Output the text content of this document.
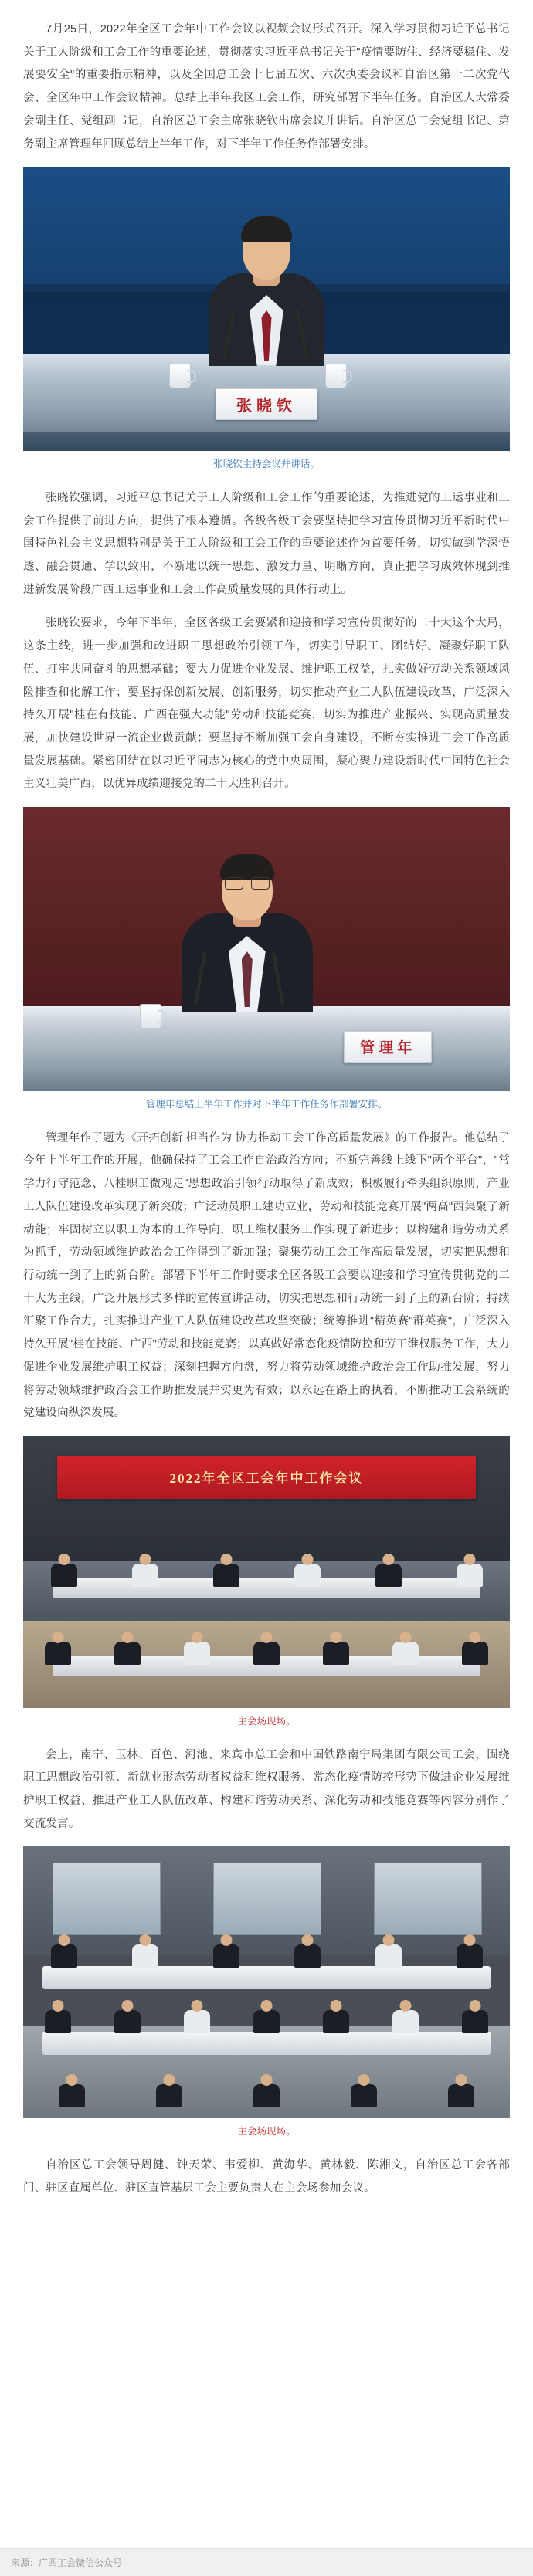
7月25日，2022年全区工会年中工作会议以视频会议形式召开。深入学习贯彻习近平总书记关于工人阶级和工会工作的重要论述，贯彻落实习近平总书记关于"疫情要防住、经济要稳住、发展要安全"的重要指示精神，以及全国总工会十七届五次、六次执委会议和自治区第十二次党代会、全区年中工作会议精神。总结上半年我区工会工作，研究部署下半年任务。自治区人大常委会副主任、党组副书记，自治区总工会主席张晓钦出席会议并讲话。自治区总工会党组书记、第务副主席管理年回顾总结上半年工作，对下半年工作任务作部署安排。

张晓钦
张晓钦主持会议并讲话。

张晓钦强调，习近平总书记关于工人阶级和工会工作的重要论述，为推进党的工运事业和工会工作提供了前进方向，提供了根本遵循。各级各级工会要坚持把学习宣传贯彻习近平新时代中国特色社会主义思想特别是关于工人阶级和工会工作的重要论述作为首要任务，切实做到学深悟透、融会贯通、学以致用，不断地以统一思想、激发力量、明晰方向，真正把学习成效体现到推进新发展阶段广西工运事业和工会工作高质量发展的具体行动上。

张晓钦要求，今年下半年，全区各级工会要紧和迎接和学习宣传贯彻好的二十大这个大局，这条主线，进一步加强和改进职工思想政治引领工作，切实引导职工、团结好、凝聚好职工队伍、打牢共同奋斗的思想基础；要大力促进企业发展、维护职工权益，扎实做好劳动关系领域风险排查和化解工作；要坚持保创新发展、创新服务，切实推动产业工人队伍建设改革，广泛深入持久开展"桂在有技能、广西在强大功能"劳动和技能竞赛，切实为推进产业振兴、实现高质量发展，加快建设世界一流企业做贡献；要坚持不断加强工会自身建设，不断夯实推进工会工作高质量发展基础。紧密团结在以习近平同志为核心的党中央周围，凝心聚力建设新时代中国特色社会主义壮美广西，以优异成绩迎接党的二十大胜利召开。

管理年
管理年总结上半年工作并对下半年工作任务作部署安排。

管理年作了题为《开拓创新 担当作为 协力推动工会工作高质量发展》的工作报告。他总结了今年上半年工作的开展，他确保持了工会工作自治政治方向；不断完善线上线下"两个平台"，"常学力行守范念、八桂职工微观走"思想政治引领行动取得了新成效；积极履行牵头组织原则，产业工人队伍建设改革实现了新突破；广泛动员职工建功立业，劳动和技能竞赛开展"两高"西集聚了新动能；牢固树立以职工为本的工作导向，职工维权服务工作实现了新进步；以构建和谐劳动关系为抓手，劳动领域维护政治会工作得到了新加强；聚集劳动工会工作高质量发展，切实把思想和行动统一到了上的新台阶。部署下半年工作时要求全区各级工会要以迎接和学习宣传贯彻党的二十大为主线，广泛开展形式多样的宣传宣讲活动，切实把思想和行动统一到了上的新台阶；持续汇聚工作合力，扎实推进产业工人队伍建设改革攻坚突破；统筹推进"精英赛"群英赛"，广泛深入持久开展"桂在技能、广西"劳动和技能竞赛；以真做好常态化疫情防控和劳工维权服务工作，大力促进企业发展维护职工权益；深刻把握方向盘，努力将劳动领域维护政治会工作助推发展，努力将劳动领域维护政治会工作助推发展并实更为有效；以永远在路上的执着，不断推动工会系统的党建设向纵深发展。

2022年全区工会年中工作会议
主会场现场。

会上，南宁、玉林、百色、河池、来宾市总工会和中国铁路南宁局集团有限公司工会，围绕职工思想政治引领、新就业形态劳动者权益和维权服务、常态化疫情防控形势下做进企业发展维护职工权益、推进产业工人队伍改革、构建和谐劳动关系、深化劳动和技能竞赛等内容分别作了交流发言。

主会场现场。

自治区总工会领导周健、钟天荣、韦爱柳、黄海华、黄林毅、陈湘文，自治区总工会各部门、驻区直属单位、驻区直管基层工会主要负责人在主会场参加会议。

来源：广西工会微信公众号
